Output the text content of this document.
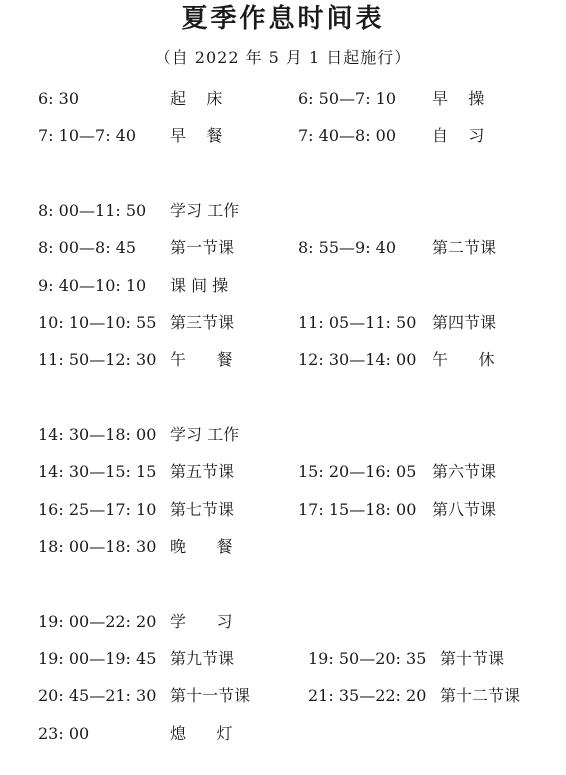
夏季作息时间表
（自 2022 年 5 月 1 日起施行）
6: 30	起    床	6: 50—7: 10 早    操
7: 10—7: 40 早    餐	7: 40—8: 00 自    习
8: 00—11: 50 学习 工作
8: 00—8: 45 第一节课	8: 55—9: 40 第二节课
9: 40—10: 10 课 间 操
10: 10—10: 55 第三节课	11: 05—11: 50 第四节课
11: 50—12: 30 午      餐	12: 30—14: 00 午      休
14: 30—18: 00 学习 工作
14: 30—15: 15 第五节课	15: 20—16: 05 第六节课
16: 25—17: 10 第七节课	17: 15—18: 00 第八节课
18: 00—18: 30 晚      餐
19: 00—22: 20 学      习
19: 00—19: 45 第九节课	19: 50—20: 35 第十节课
20: 45—21: 30 第十一节课	21: 35—22: 20 第十二节课
23: 00	熄      灯
